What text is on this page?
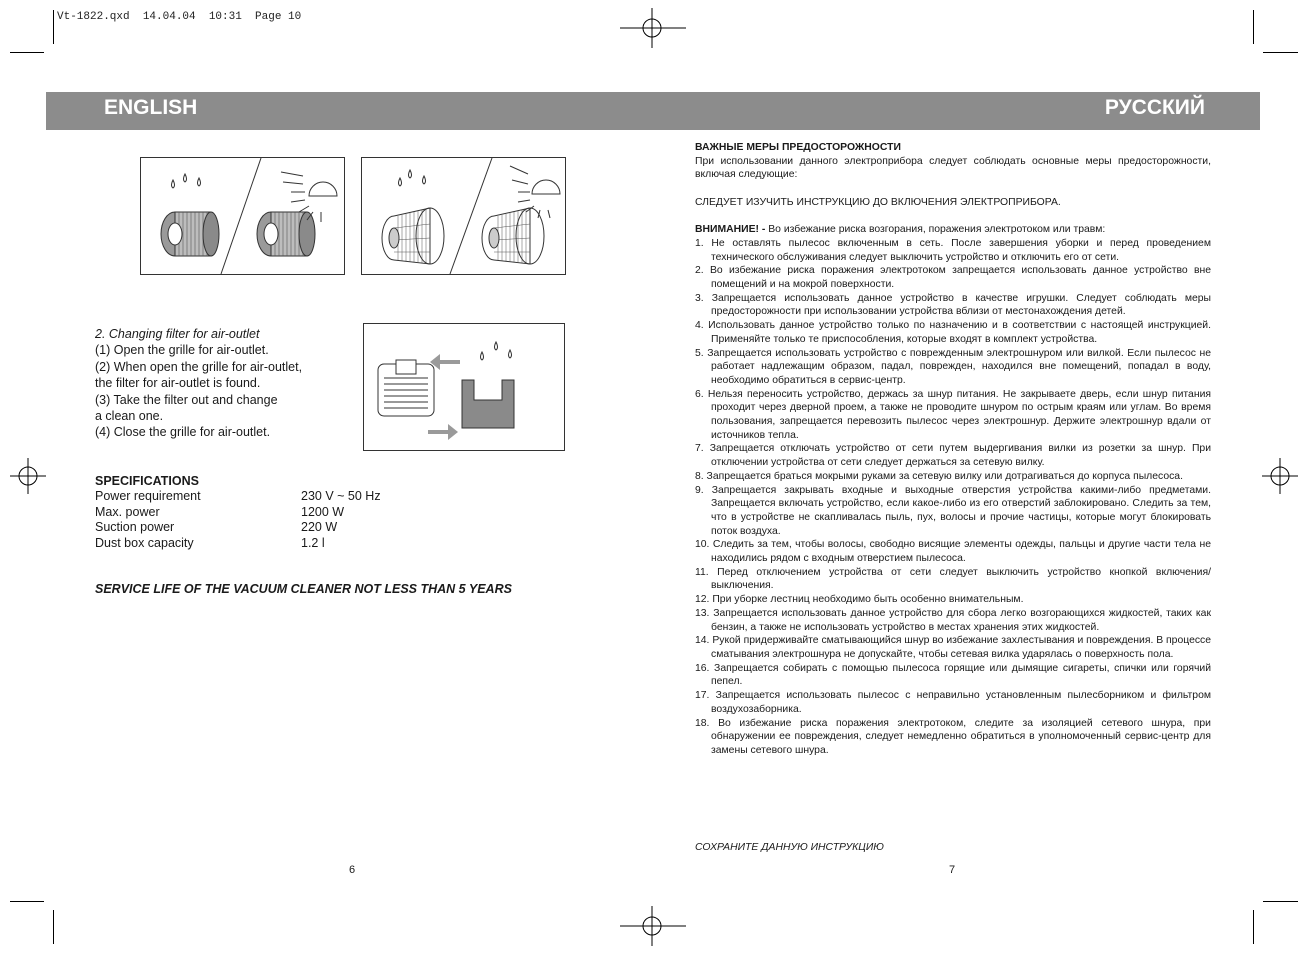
Vt-1822.qxd  14.04.04  10:31  Page 10
ENGLISH	РУССКИЙ
2. Changing filter for air-outlet
(1) Open the grille for air-outlet.
(2) When open the grille for air-outlet,
the filter for air-outlet is found.
(3) Take the filter out and change
a clean one.
(4) Close the grille for air-outlet.
SPECIFICATIONS
Power requirement	230 V ~ 50 Hz
Max. power	1200 W
Suction power	220 W
Dust box capacity	1.2 l
SERVICE LIFE OF THE VACUUM CLEANER NOT LESS THAN 5 YEARS
6

ВАЖНЫЕ МЕРЫ ПРЕДОСТОРОЖНОСТИ

При использовании данного электроприбора следует соблюдать основные меры предосторожности, включая следующие:

СЛЕДУЕТ ИЗУЧИТЬ ИНСТРУКЦИЮ ДО ВКЛЮЧЕНИЯ ЭЛЕКТРОПРИБОРА.

ВНИМАНИЕ! - Во избежание риска возгорания, поражения электротоком или травм:

1. Не оставлять пылесос включенным в сеть. После завершения уборки и перед проведением технического обслуживания следует выключить устройство и отключить его от сети.

2. Во избежание риска поражения электротоком запрещается использовать данное устройство вне помещений и на мокрой поверхности.

3. Запрещается использовать данное устройство в качестве игрушки. Следует соблюдать меры предосторожности при использовании устройства вблизи от местонахождения детей.

4. Использовать данное устройство только по назначению и в соответствии с настоящей инструкцией. Применяйте только те приспособления, которые входят в комплект устройства.

5. Запрещается использовать устройство с поврежденным электрошнуром или вилкой. Если пылесос не работает надлежащим образом, падал, поврежден, находился вне помещений, попадал в воду, необходимо обратиться в сервис-центр.

6. Нельзя переносить устройство, держась за шнур питания. Не закрываете дверь, если шнур питания проходит через дверной проем, а также не проводите шнуром по острым краям или углам. Во время пользования, запрещается перевозить пылесос через электрошнур. Держите электрошнур вдали от источников тепла.

7. Запрещается отключать устройство от сети путем выдергивания вилки из розетки за шнур. При отключении устройства от сети следует держаться за сетевую вилку.

8. Запрещается браться мокрыми руками за сетевую вилку или дотрагиваться до корпуса пылесоса.

9. Запрещается закрывать входные и выходные отверстия устройства какими-либо предметами. Запрещается включать устройство, если какое-либо из его отверстий заблокировано. Следить за тем, что в устройстве не скапливалась пыль, пух, волосы и прочие частицы, которые могут блокировать поток воздуха.

10. Следить за тем, чтобы волосы, свободно висящие элементы одежды, пальцы и другие части тела не находились рядом с входным отверстием пылесоса.

11. Перед отключением устройства от сети следует выключить устройство кнопкой включения/выключения.

12. При уборке лестниц необходимо быть особенно внимательным.

13. Запрещается использовать данное устройство для сбора легко возгорающихся жидкостей, таких как бензин, а также не использовать устройство в местах хранения этих жидкостей.

14. Рукой придерживайте сматывающийся шнур во избежание захлестывания и повреждения. В процессе сматывания электрошнура не допускайте, чтобы сетевая вилка ударялась о поверхность пола.

16. Запрещается собирать с помощью пылесоса горящие или дымящие сигареты, спички или горячий пепел.

17. Запрещается использовать пылесос с неправильно установленным пылесборником и фильтром воздухозаборника.

18. Во избежание риска поражения электротоком, следите за изоляцией сетевого шнура, при обнаружении ее повреждения, следует немедленно обратиться в уполномоченный сервис-центр для замены сетевого шнура.

СОХРАНИТЕ ДАННУЮ ИНСТРУКЦИЮ
7
